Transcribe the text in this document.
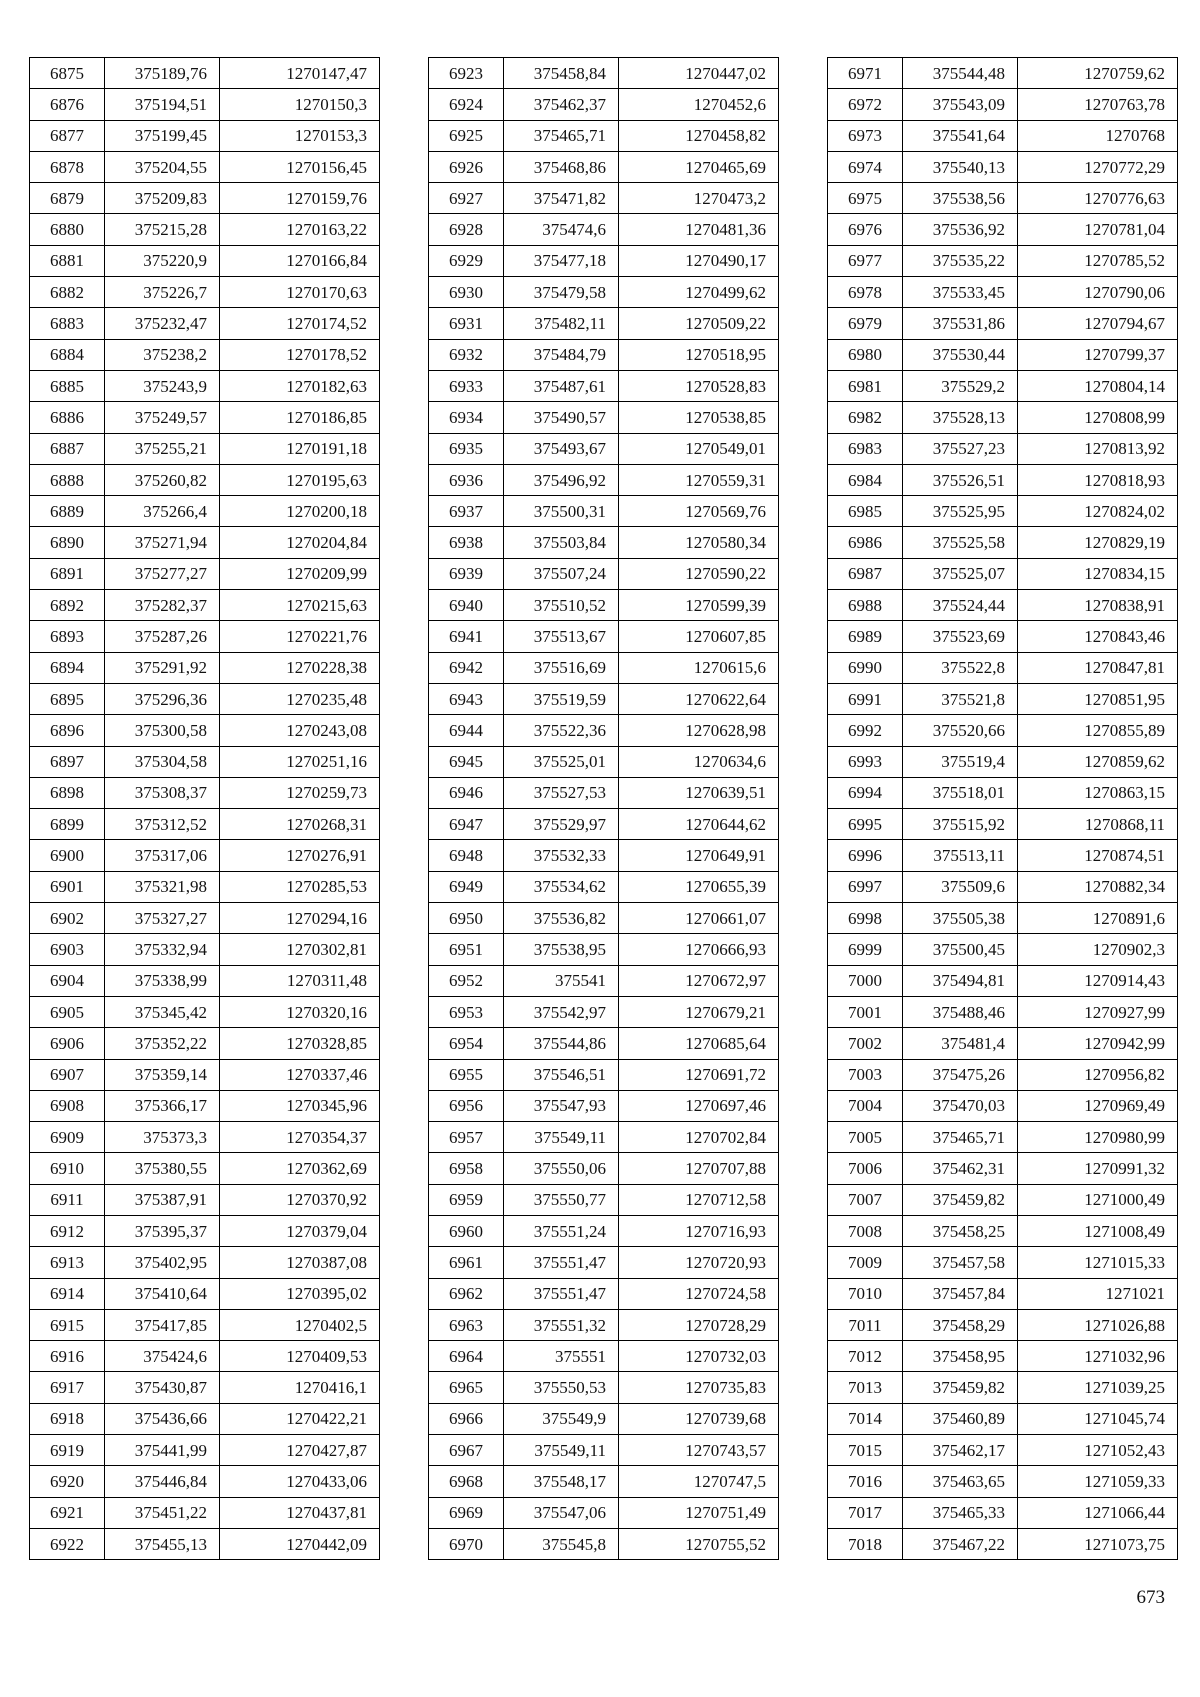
6875	375189,76	1270147,47
6876	375194,51	1270150,3
6877	375199,45	1270153,3
6878	375204,55	1270156,45
6879	375209,83	1270159,76
6880	375215,28	1270163,22
6881	375220,9	1270166,84
6882	375226,7	1270170,63
6883	375232,47	1270174,52
6884	375238,2	1270178,52
6885	375243,9	1270182,63
6886	375249,57	1270186,85
6887	375255,21	1270191,18
6888	375260,82	1270195,63
6889	375266,4	1270200,18
6890	375271,94	1270204,84
6891	375277,27	1270209,99
6892	375282,37	1270215,63
6893	375287,26	1270221,76
6894	375291,92	1270228,38
6895	375296,36	1270235,48
6896	375300,58	1270243,08
6897	375304,58	1270251,16
6898	375308,37	1270259,73
6899	375312,52	1270268,31
6900	375317,06	1270276,91
6901	375321,98	1270285,53
6902	375327,27	1270294,16
6903	375332,94	1270302,81
6904	375338,99	1270311,48
6905	375345,42	1270320,16
6906	375352,22	1270328,85
6907	375359,14	1270337,46
6908	375366,17	1270345,96
6909	375373,3	1270354,37
6910	375380,55	1270362,69
6911	375387,91	1270370,92
6912	375395,37	1270379,04
6913	375402,95	1270387,08
6914	375410,64	1270395,02
6915	375417,85	1270402,5
6916	375424,6	1270409,53
6917	375430,87	1270416,1
6918	375436,66	1270422,21
6919	375441,99	1270427,87
6920	375446,84	1270433,06
6921	375451,22	1270437,81
6922	375455,13	1270442,09
6923	375458,84	1270447,02
6924	375462,37	1270452,6
6925	375465,71	1270458,82
6926	375468,86	1270465,69
6927	375471,82	1270473,2
6928	375474,6	1270481,36
6929	375477,18	1270490,17
6930	375479,58	1270499,62
6931	375482,11	1270509,22
6932	375484,79	1270518,95
6933	375487,61	1270528,83
6934	375490,57	1270538,85
6935	375493,67	1270549,01
6936	375496,92	1270559,31
6937	375500,31	1270569,76
6938	375503,84	1270580,34
6939	375507,24	1270590,22
6940	375510,52	1270599,39
6941	375513,67	1270607,85
6942	375516,69	1270615,6
6943	375519,59	1270622,64
6944	375522,36	1270628,98
6945	375525,01	1270634,6
6946	375527,53	1270639,51
6947	375529,97	1270644,62
6948	375532,33	1270649,91
6949	375534,62	1270655,39
6950	375536,82	1270661,07
6951	375538,95	1270666,93
6952	375541	1270672,97
6953	375542,97	1270679,21
6954	375544,86	1270685,64
6955	375546,51	1270691,72
6956	375547,93	1270697,46
6957	375549,11	1270702,84
6958	375550,06	1270707,88
6959	375550,77	1270712,58
6960	375551,24	1270716,93
6961	375551,47	1270720,93
6962	375551,47	1270724,58
6963	375551,32	1270728,29
6964	375551	1270732,03
6965	375550,53	1270735,83
6966	375549,9	1270739,68
6967	375549,11	1270743,57
6968	375548,17	1270747,5
6969	375547,06	1270751,49
6970	375545,8	1270755,52
6971	375544,48	1270759,62
6972	375543,09	1270763,78
6973	375541,64	1270768
6974	375540,13	1270772,29
6975	375538,56	1270776,63
6976	375536,92	1270781,04
6977	375535,22	1270785,52
6978	375533,45	1270790,06
6979	375531,86	1270794,67
6980	375530,44	1270799,37
6981	375529,2	1270804,14
6982	375528,13	1270808,99
6983	375527,23	1270813,92
6984	375526,51	1270818,93
6985	375525,95	1270824,02
6986	375525,58	1270829,19
6987	375525,07	1270834,15
6988	375524,44	1270838,91
6989	375523,69	1270843,46
6990	375522,8	1270847,81
6991	375521,8	1270851,95
6992	375520,66	1270855,89
6993	375519,4	1270859,62
6994	375518,01	1270863,15
6995	375515,92	1270868,11
6996	375513,11	1270874,51
6997	375509,6	1270882,34
6998	375505,38	1270891,6
6999	375500,45	1270902,3
7000	375494,81	1270914,43
7001	375488,46	1270927,99
7002	375481,4	1270942,99
7003	375475,26	1270956,82
7004	375470,03	1270969,49
7005	375465,71	1270980,99
7006	375462,31	1270991,32
7007	375459,82	1271000,49
7008	375458,25	1271008,49
7009	375457,58	1271015,33
7010	375457,84	1271021
7011	375458,29	1271026,88
7012	375458,95	1271032,96
7013	375459,82	1271039,25
7014	375460,89	1271045,74
7015	375462,17	1271052,43
7016	375463,65	1271059,33
7017	375465,33	1271066,44
7018	375467,22	1271073,75
673
